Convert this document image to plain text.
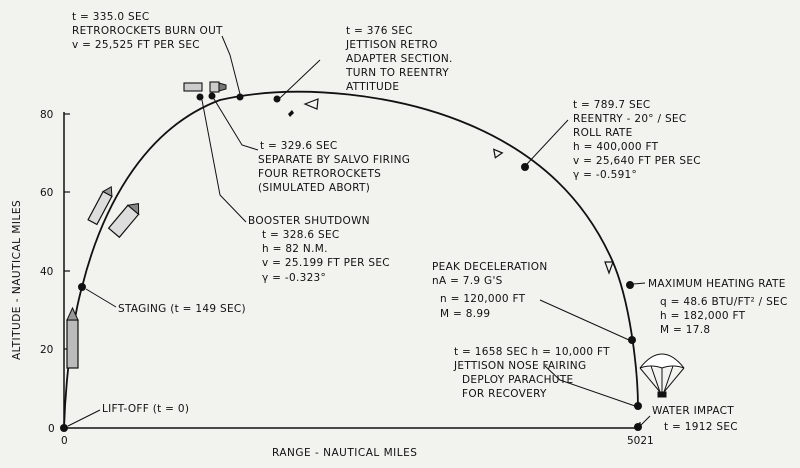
80
60
40
20
0
0	5021
ALTITUDE - NAUTICAL MILES
RANGE - NAUTICAL MILES
LIFT-OFF (t = 0)
STAGING (t = 149 SEC)
BOOSTER SHUTDOWN
t = 328.6 SEC
h = 82 N.M.
v = 25.199 FT PER SEC
γ = -0.323°
t = 329.6 SEC
SEPARATE BY SALVO FIRING
FOUR RETROROCKETS
(SIMULATED ABORT)
t = 335.0 SEC
RETROROCKETS BURN OUT
v = 25,525 FT PER SEC
t = 376 SEC
JETTISON RETRO
ADAPTER SECTION.
TURN TO REENTRY
ATTITUDE
t = 789.7 SEC
REENTRY - 20° / SEC
ROLL RATE
h = 400,000 FT
v = 25,640 FT PER SEC
γ = -0.591°
PEAK DECELERATION
nA = 7.9 G'S
n = 120,000 FT
M = 8.99
MAXIMUM HEATING RATE
q = 48.6 BTU/FT² / SEC
h = 182,000 FT
M = 17.8
t = 1658 SEC h = 10,000 FT
JETTISON NOSE FAIRING
DEPLOY PARACHUTE
FOR RECOVERY
WATER IMPACT
t = 1912 SEC
